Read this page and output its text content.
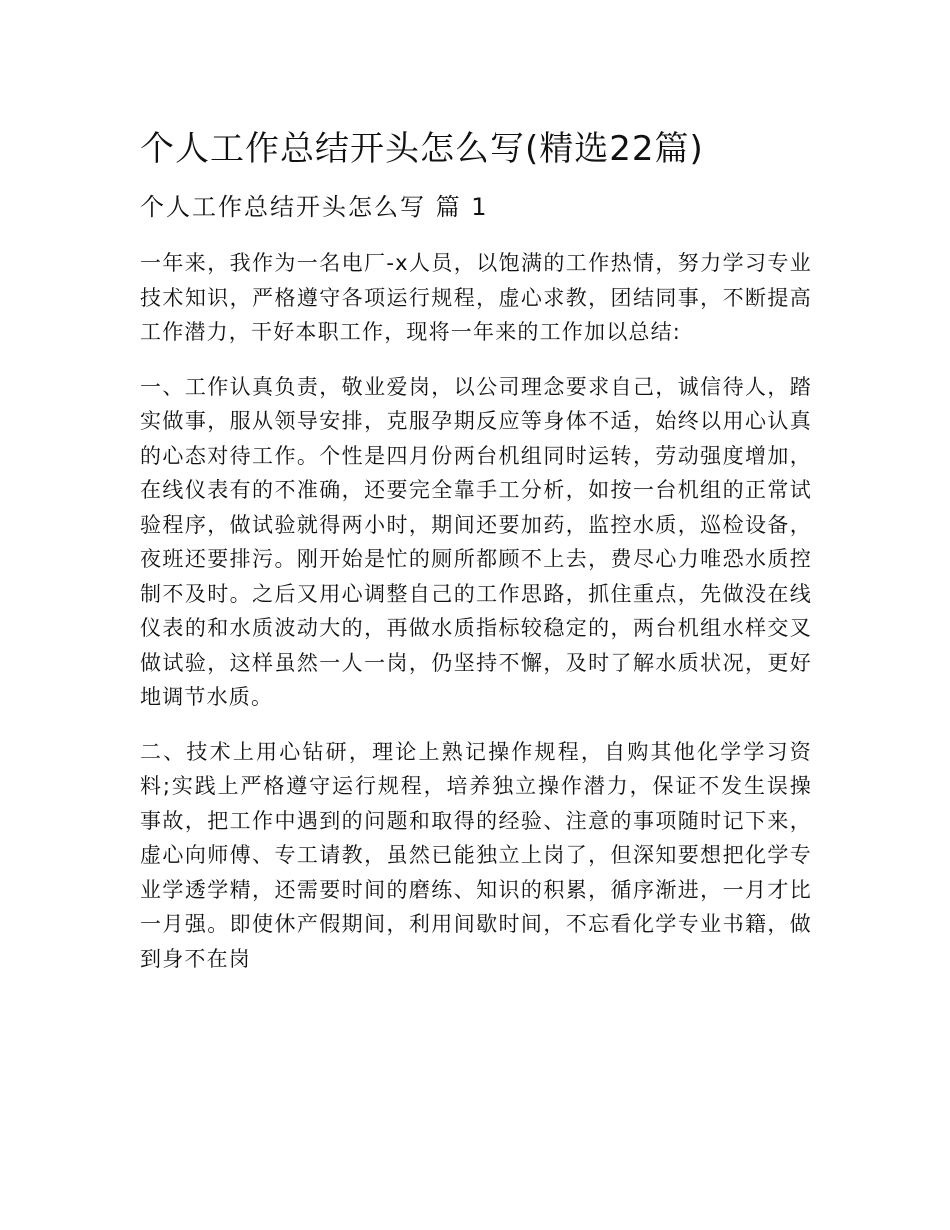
个人工作总结开头怎么写(精选22篇)
个人工作总结开头怎么写 篇 1

一年来，我作为一名电厂-x人员，以饱满的工作热情，努力学习专业技术知识，严格遵守各项运行规程，虚心求教，团结同事，不断提高工作潜力，干好本职工作，现将一年来的工作加以总结:

一、工作认真负责，敬业爱岗，以公司理念要求自己，诚信待人，踏实做事，服从领导安排，克服孕期反应等身体不适，始终以用心认真的心态对待工作。个性是四月份两台机组同时运转，劳动强度增加，在线仪表有的不准确，还要完全靠手工分析，如按一台机组的正常试验程序，做试验就得两小时，期间还要加药，监控水质，巡检设备，夜班还要排污。刚开始是忙的厕所都顾不上去，费尽心力唯恐水质控制不及时。之后又用心调整自己的工作思路，抓住重点，先做没在线仪表的和水质波动大的，再做水质指标较稳定的，两台机组水样交叉做试验，这样虽然一人一岗，仍坚持不懈，及时了解水质状况，更好地调节水质。

二、技术上用心钻研，理论上熟记操作规程，自购其他化学学习资料;实践上严格遵守运行规程，培养独立操作潜力，保证不发生误操事故，把工作中遇到的问题和取得的经验、注意的事项随时记下来，虚心向师傅、专工请教，虽然已能独立上岗了，但深知要想把化学专业学透学精，还需要时间的磨练、知识的积累，循序渐进，一月才比一月强。即使休产假期间，利用间歇时间，不忘看化学专业书籍，做到身不在岗
